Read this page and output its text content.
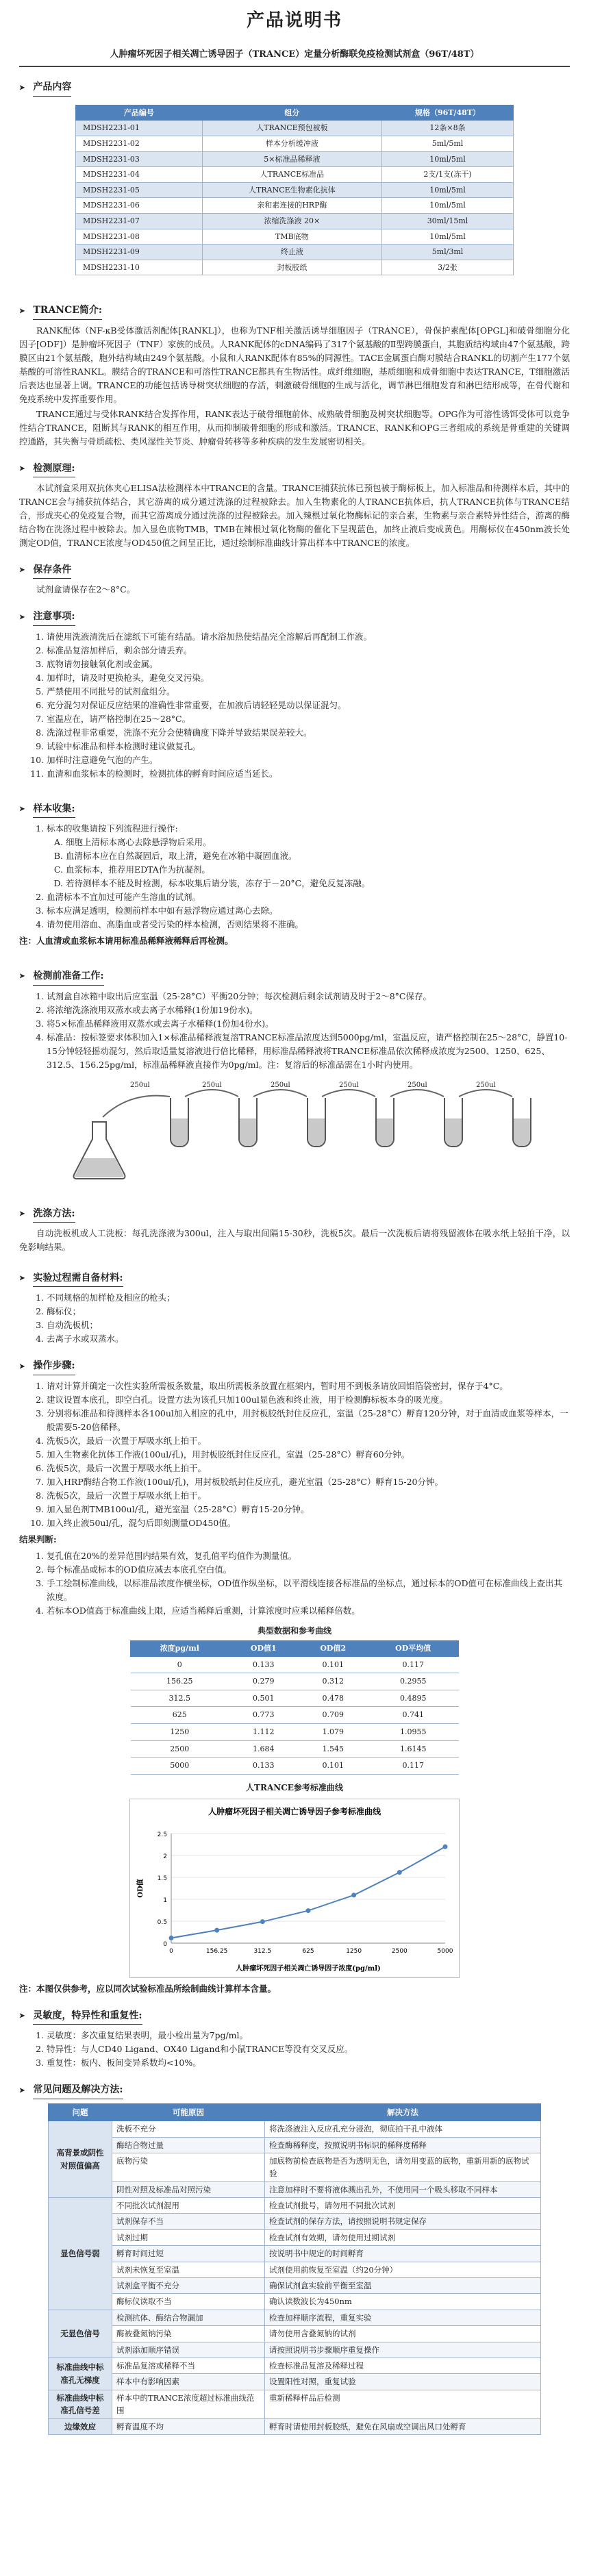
产品说明书
人肿瘤坏死因子相关凋亡诱导因子（TRANCE）定量分析酶联免疫检测试剂盒（96T/48T）
➤ 产品内容
产品编号	组分	规格（96T/48T）
MDSH2231-01	人TRANCE预包被板	12条×8条
MDSH2231-02	样本分析缓冲液	5ml/5ml
MDSH2231-03	5×标准品稀释液	10ml/5ml
MDSH2231-04	人TRANCE标准品	2支/1支(冻干)
MDSH2231-05	人TRANCE生物素化抗体	10ml/5ml
MDSH2231-06	亲和素连接的HRP酶	10ml/5ml
MDSH2231-07	浓缩洗涤液 20×	30ml/15ml
MDSH2231-08	TMB底物	10ml/5ml
MDSH2231-09	终止液	5ml/3ml
MDSH2231-10	封板胶纸	3/2张
➤ TRANCE简介:

RANK配体（NF-κB受体激活剂配体[RANKL]），也称为TNF相关激活诱导细胞因子（TRANCE），骨保护素配体[OPGL]和破骨细胞分化因子[ODF]）是肿瘤坏死因子（TNF）家族的成员。人RANK配体的cDNA编码了317个氨基酸的Ⅱ型跨膜蛋白，其胞质结构域由47个氨基酸，跨膜区由21个氨基酸，胞外结构域由249个氨基酸。小鼠和人RANK配体有85%的同源性。TACE金属蛋白酶对膜结合RANKL的切割产生177个氨基酸的可溶性RANKL。膜结合的TRANCE和可溶性TRANCE都具有生物活性。成纤维细胞，基质细胞和成骨细胞中表达TRANCE，T细胞激活后表达也显著上调。TRANCE的功能包括诱导树突状细胞的存活，刺激破骨细胞的生成与活化，调节淋巴细胞发育和淋巴结形成等，在骨代谢和免疫系统中发挥重要作用。

TRANCE通过与受体RANK结合发挥作用，RANK表达于破骨细胞前体、成熟破骨细胞及树突状细胞等。OPG作为可溶性诱饵受体可以竞争性结合TRANCE，阻断其与RANK的相互作用，从而抑制破骨细胞的形成和激活。TRANCE、RANK和OPG三者组成的系统是骨重建的关键调控通路，其失衡与骨质疏松、类风湿性关节炎、肿瘤骨转移等多种疾病的发生发展密切相关。

➤ 检测原理:

本试剂盒采用双抗体夹心ELISA法检测样本中TRANCE的含量。TRANCE捕获抗体已预包被于酶标板上，加入标准品和待测样本后，其中的TRANCE会与捕获抗体结合，其它游离的成分通过洗涤的过程被除去。加入生物素化的人TRANCE抗体后，抗人TRANCE抗体与TRANCE结合，形成夹心的免疫复合物，而其它游离成分通过洗涤的过程被除去。加入辣根过氧化物酶标记的亲合素，生物素与亲合素特异性结合，游离的酶结合物在洗涤过程中被除去。加入显色底物TMB，TMB在辣根过氧化物酶的催化下呈现蓝色，加终止液后变成黄色。用酶标仪在450nm波长处测定OD值，TRANCE浓度与OD450值之间呈正比，通过绘制标准曲线计算出样本中TRANCE的浓度。

➤ 保存条件

试剂盒请保存在2～8°C。

➤ 注意事项:
1. 请使用洗液清洗后在滤纸下可能有结晶。请水浴加热使结晶完全溶解后再配制工作液。
2. 标准品复溶加样后，剩余部分请丢弃。
3. 底物请勿接触氧化剂或金属。
4. 加样时，请及时更换枪头，避免交叉污染。
5. 严禁使用不同批号的试剂盒组分。
6. 充分混匀对保证反应结果的准确性非常重要，在加液后请轻轻晃动以保证混匀。
7. 室温应在，请严格控制在25～28°C。
8. 洗涤过程非常重要，洗涤不充分会使精确度下降并导致结果误差较大。
9. 试验中标准品和样本检测时建议做复孔。
10. 加样时注意避免气泡的产生。
11. 血清和血浆标本的检测时，检测抗体的孵育时间应适当延长。
➤ 样本收集:
1. 标本的收集请按下列流程进行操作:
A. 细胞上清标本离心去除悬浮物后采用。
B. 血清标本应在自然凝固后，取上清，避免在冰箱中凝固血液。
C. 血浆标本，推荐用EDTA作为抗凝剂。
D. 若待测样本不能及时检测，标本收集后请分装，冻存于－20°C，避免反复冻融。
2. 血清标本不宜加过可能产生溶血的试剂。
3. 标本应满足透明，检测前样本中如有悬浮物应通过离心去除。
4. 请勿使用溶血、高脂血或者受污染的样本检测，否则结果将不准确。
注：人血清或血浆标本请用标准品稀释液稀释后再检测。
➤ 检测前准备工作:
1. 试剂盒自冰箱中取出后应室温（25-28°C）平衡20分钟；每次检测后剩余试剂请及时于2～8°C保存。
2. 将浓缩洗涤液用双蒸水或去离子水稀释(1份加19份水)。
3. 将5×标准品稀释液用双蒸水或去离子水稀释(1份加4份水)。
4. 标准品：按标签要求体积加入1×标准品稀释液复溶TRANCE标准品浓度达到5000pg/ml，室温反应，请严格控制在25～28°C，静置10-15分钟轻轻摇动混匀，然后取适量复溶液进行倍比稀释，用标准品稀释液将TRANCE标准品依次稀释成浓度为2500、1250、625、312.5、156.25pg/ml，标准品稀释液直接作为0pg/ml。注：复溶后的标准品需在1小时内使用。
250ul	250ul	250ul	250ul	250ul	250ul
➤ 洗涤方法:

自动洗板机或人工洗板：每孔洗涤液为300ul，注入与取出间隔15-30秒，洗板5次。最后一次洗板后请将残留液体在吸水纸上轻拍干净，以免影响结果。

➤ 实验过程需自备材料:
1. 不同规格的加样枪及相应的枪头；
2. 酶标仪；
3. 自动洗板机；
4. 去离子水或双蒸水。
➤ 操作步骤:
1. 请对计算并确定一次性实验所需板条数量，取出所需板条放置在框架内，暂时用不到板条请放回铝箔袋密封，保存于4°C。
2. 建议设置本底孔，即空白孔。设置方法为该孔只加100ul显色液和终止液，用于检测酶标板本身的吸光度。
3. 分别将标准品和待测样本各100ul加入相应的孔中，用封板胶纸封住反应孔，室温（25-28°C）孵育120分钟，对于血清或血浆等样本，一般需要5-20倍稀释。
4. 洗板5次，最后一次置于厚吸水纸上拍干。
5. 加入生物素化抗体工作液(100ul/孔)，用封板胶纸封住反应孔，室温（25-28°C）孵育60分钟。
6. 洗板5次，最后一次置于厚吸水纸上拍干。
7. 加入HRP酶结合物工作液(100ul/孔)，用封板胶纸封住反应孔，避光室温（25-28°C）孵育15-20分钟。
8. 洗板5次，最后一次置于厚吸水纸上拍干。
9. 加入显色剂TMB100ul/孔，避光室温（25-28°C）孵育15-20分钟。
10. 加入终止液50ul/孔，混匀后即刻测量OD450值。
结果判断:
1. 复孔值在20%的差异范围内结果有效，复孔值平均值作为测量值。
2. 每个标准品或标本的OD值应减去本底孔空白值。
3. 手工绘制标准曲线，以标准品浓度作横坐标，OD值作纵坐标，以平滑线连接各标准品的坐标点，通过标本的OD值可在标准曲线上查出其浓度。
4. 若标本OD值高于标准曲线上限，应适当稀释后重测，计算浓度时应乘以稀释倍数。
典型数据和参考曲线
浓度pg/ml	OD值1	OD值2	OD平均值
0	0.133	0.101	0.117
156.25	0.279	0.312	0.2955
312.5	0.501	0.478	0.4895
625	0.773	0.709	0.741
1250	1.112	1.079	1.0955
2500	1.684	1.545	1.6145
5000	0.133	0.101	0.117
人TRANCE参考标准曲线
人肿瘤坏死因子相关凋亡诱导因子参考标准曲线
0
0.5
1
1.5
2
2.5
0	156.25	312.5	625	1250	2500	5000
人肿瘤坏死因子相关凋亡诱导因子浓度(pg/ml)
OD值
注：本图仅供参考，应以同次试验标准品所绘制曲线计算样本含量。
➤ 灵敏度，特异性和重复性:
1. 灵敏度：多次重复结果表明，最小检出量为7pg/ml。
2. 特异性：与人CD40 Ligand、OX40 Ligand和小鼠TRANCE等没有交叉反应。
3. 重复性：板内、板间变异系数均<10%。
➤ 常见问题及解决方法:
问题	可能原因	解决方法
高背景或阴性对照值偏高	洗板不充分	将洗涤液注入反应孔充分浸泡，彻底拍干孔中液体
	酶结合物过量	检查酶稀释度，按照说明书标识的稀释度稀释
	底物污染	加底物前检查底物是否为透明无色，请勿用变蓝的底物，重新用新的底物试验
	阴性对照及标准品对照污染	注意加样时不要将液体溅出孔外，不使用同一个吸头移取不同样本
显色信号弱	不同批次试剂混用	检查试剂批号，请勿用不同批次试剂
	试剂保存不当	检查试剂的保存方法，请按照说明书规定保存
	试剂过期	检查试剂有效期，请勿使用过期试剂
	孵育时间过短	按说明书中规定的时间孵育
	试剂未恢复至室温	试剂使用前恢复至室温（约20分钟）
	试剂盒平衡不充分	确保试剂盒实验前平衡至室温
	酶标仪读取不当	确认读数波长为450nm
无显色信号	检测抗体、酶结合物漏加	检查加样顺序流程，重复实验
	酶被叠氮钠污染	请勿使用含叠氮钠的试剂
	试剂添加顺序错误	请按照说明书步骤顺序重复操作
标准曲线中标准孔无梯度	标准品复溶或稀释不当	检查标准品复溶及稀释过程
	样本中有影响因素	设置阳性对照，重复试验
标准曲线中标准孔信号差	样本中的TRANCE浓度超过标准曲线范围	重新稀释样品后检测
边缘效应	孵育温度不均	孵育时请使用封板胶纸，避免在风扇或空调出风口处孵育
